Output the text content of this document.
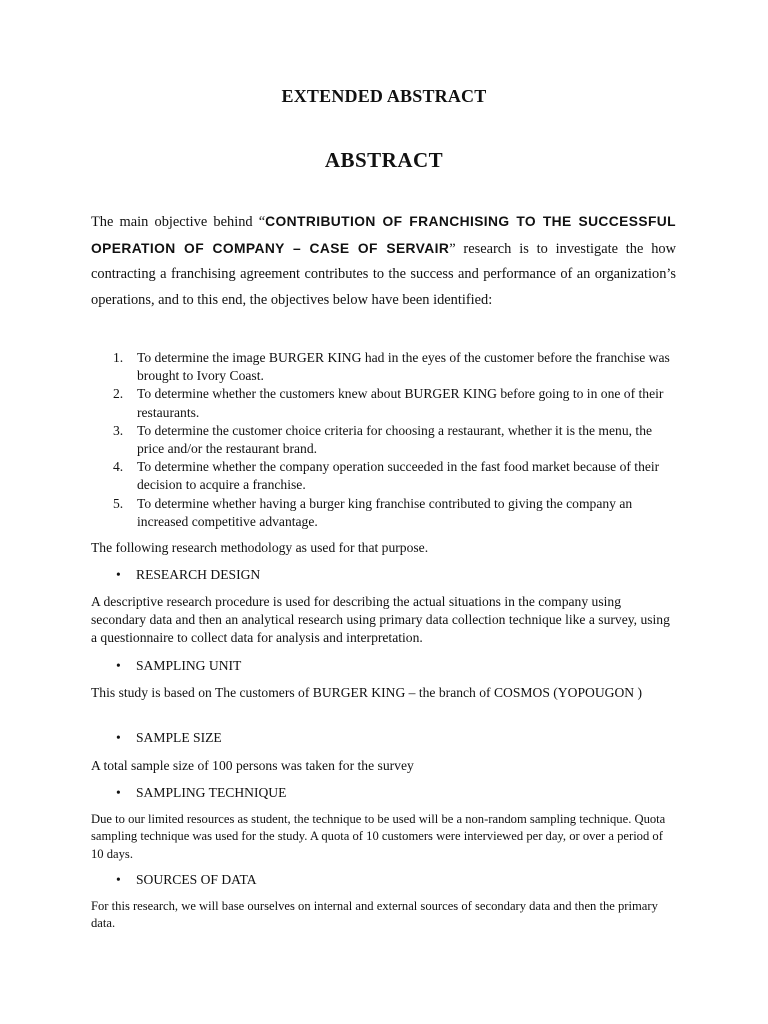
EXTENDED ABSTRACT
ABSTRACT
The main objective behind “CONTRIBUTION OF FRANCHISING TO THE SUCCESSFUL OPERATION OF COMPANY – CASE OF SERVAIR” research is to investigate the how contracting a franchising agreement contributes to the success and performance of an organization’s operations, and to this end, the objectives below have been identified:
1. To determine the image BURGER KING had in the eyes of the customer before the franchise was brought to Ivory Coast.
2. To determine whether the customers knew about BURGER KING before going to in one of their restaurants.
3. To determine the customer choice criteria for choosing a restaurant, whether it is the menu, the price and/or the restaurant brand.
4. To determine whether the company operation succeeded in the fast food market because of their decision to acquire a franchise.
5. To determine whether having a burger king franchise contributed to giving the company an increased competitive advantage.

The following research methodology as used for that purpose.

• RESEARCH DESIGN

A descriptive research procedure is used for describing the actual situations in the company using secondary data and then an analytical research using primary data collection technique like a survey, using a questionnaire to collect data for analysis and interpretation.

• SAMPLING UNIT

This study is based on The customers of BURGER KING – the branch of COSMOS (YOPOUGON )

• SAMPLE SIZE

A total sample size of 100 persons was taken for the survey

• SAMPLING TECHNIQUE

Due to our limited resources as student, the technique to be used will be a non-random sampling technique. Quota sampling technique was used for the study. A quota of 10 customers were interviewed per day, or over a period of 10 days.

• SOURCES OF DATA

For this research, we will base ourselves on internal and external sources of secondary data and then the primary data.
